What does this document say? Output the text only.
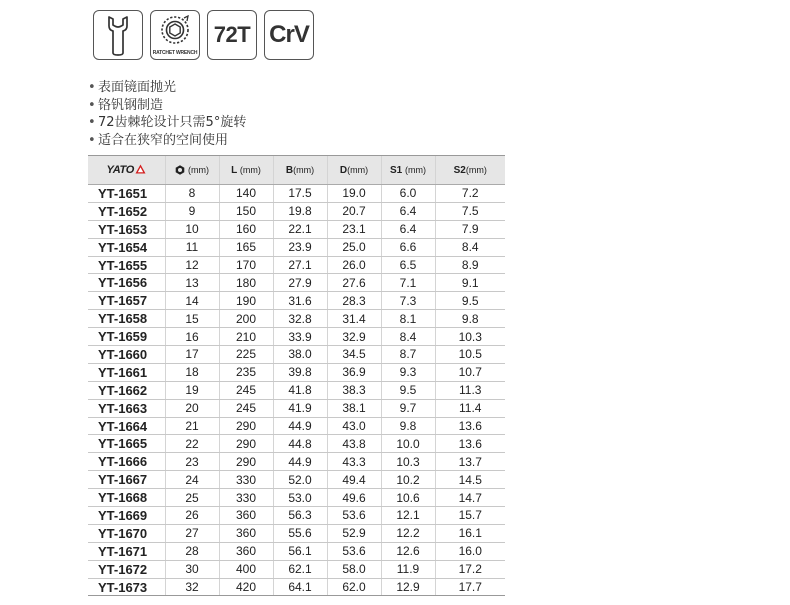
RATCHET WRENCH
72T CrV
• 表面镜面抛光
• 铬钒钢制造
• 72齿棘轮设计只需5°旋转
• 适合在狭窄的空间使用
YATO	(mm)	L (mm)	B(mm)	D(mm)	S1 (mm)	S2(mm)
YT-1651	8	140	17.5	19.0	6.0	7.2
YT-1652	9	150	19.8	20.7	6.4	7.5
YT-1653	10	160	22.1	23.1	6.4	7.9
YT-1654	11	165	23.9	25.0	6.6	8.4
YT-1655	12	170	27.1	26.0	6.5	8.9
YT-1656	13	180	27.9	27.6	7.1	9.1
YT-1657	14	190	31.6	28.3	7.3	9.5
YT-1658	15	200	32.8	31.4	8.1	9.8
YT-1659	16	210	33.9	32.9	8.4	10.3
YT-1660	17	225	38.0	34.5	8.7	10.5
YT-1661	18	235	39.8	36.9	9.3	10.7
YT-1662	19	245	41.8	38.3	9.5	11.3
YT-1663	20	245	41.9	38.1	9.7	11.4
YT-1664	21	290	44.9	43.0	9.8	13.6
YT-1665	22	290	44.8	43.8	10.0	13.6
YT-1666	23	290	44.9	43.3	10.3	13.7
YT-1667	24	330	52.0	49.4	10.2	14.5
YT-1668	25	330	53.0	49.6	10.6	14.7
YT-1669	26	360	56.3	53.6	12.1	15.7
YT-1670	27	360	55.6	52.9	12.2	16.1
YT-1671	28	360	56.1	53.6	12.6	16.0
YT-1672	30	400	62.1	58.0	11.9	17.2
YT-1673	32	420	64.1	62.0	12.9	17.7
